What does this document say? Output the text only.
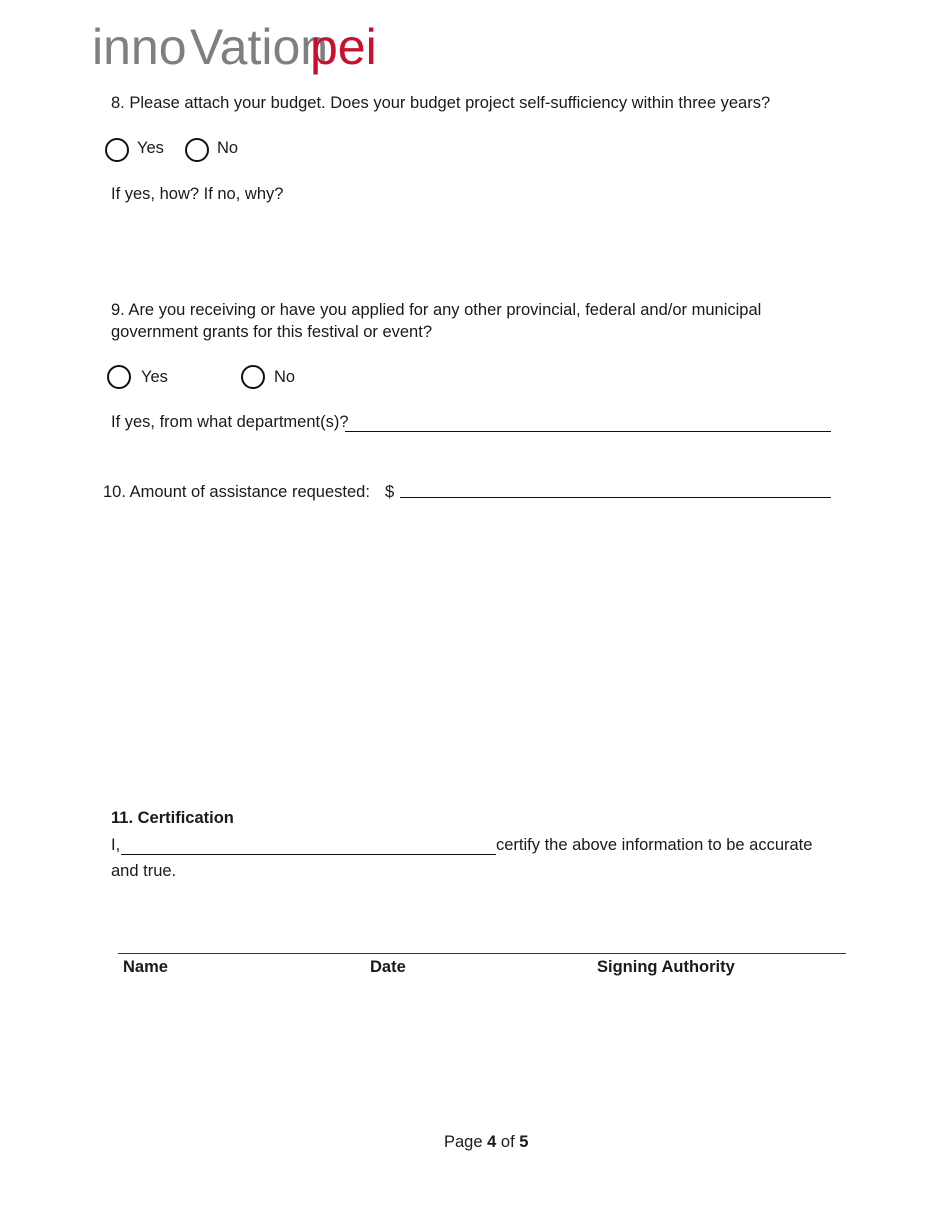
inno Vation
pei
8. Please attach your budget. Does your budget project self-sufficiency within three years?
Yes	No
If yes, how? If no, why?
9. Are you receiving or have you applied for any other provincial, federal and/or municipal
government grants for this festival or event?
Yes	No
If yes, from what department(s)?
10. Amount of assistance requested: $
11. Certification
I,	certify the above information to be accurate
and true.
Name	Date	Signing Authority
Page 4 of 5
